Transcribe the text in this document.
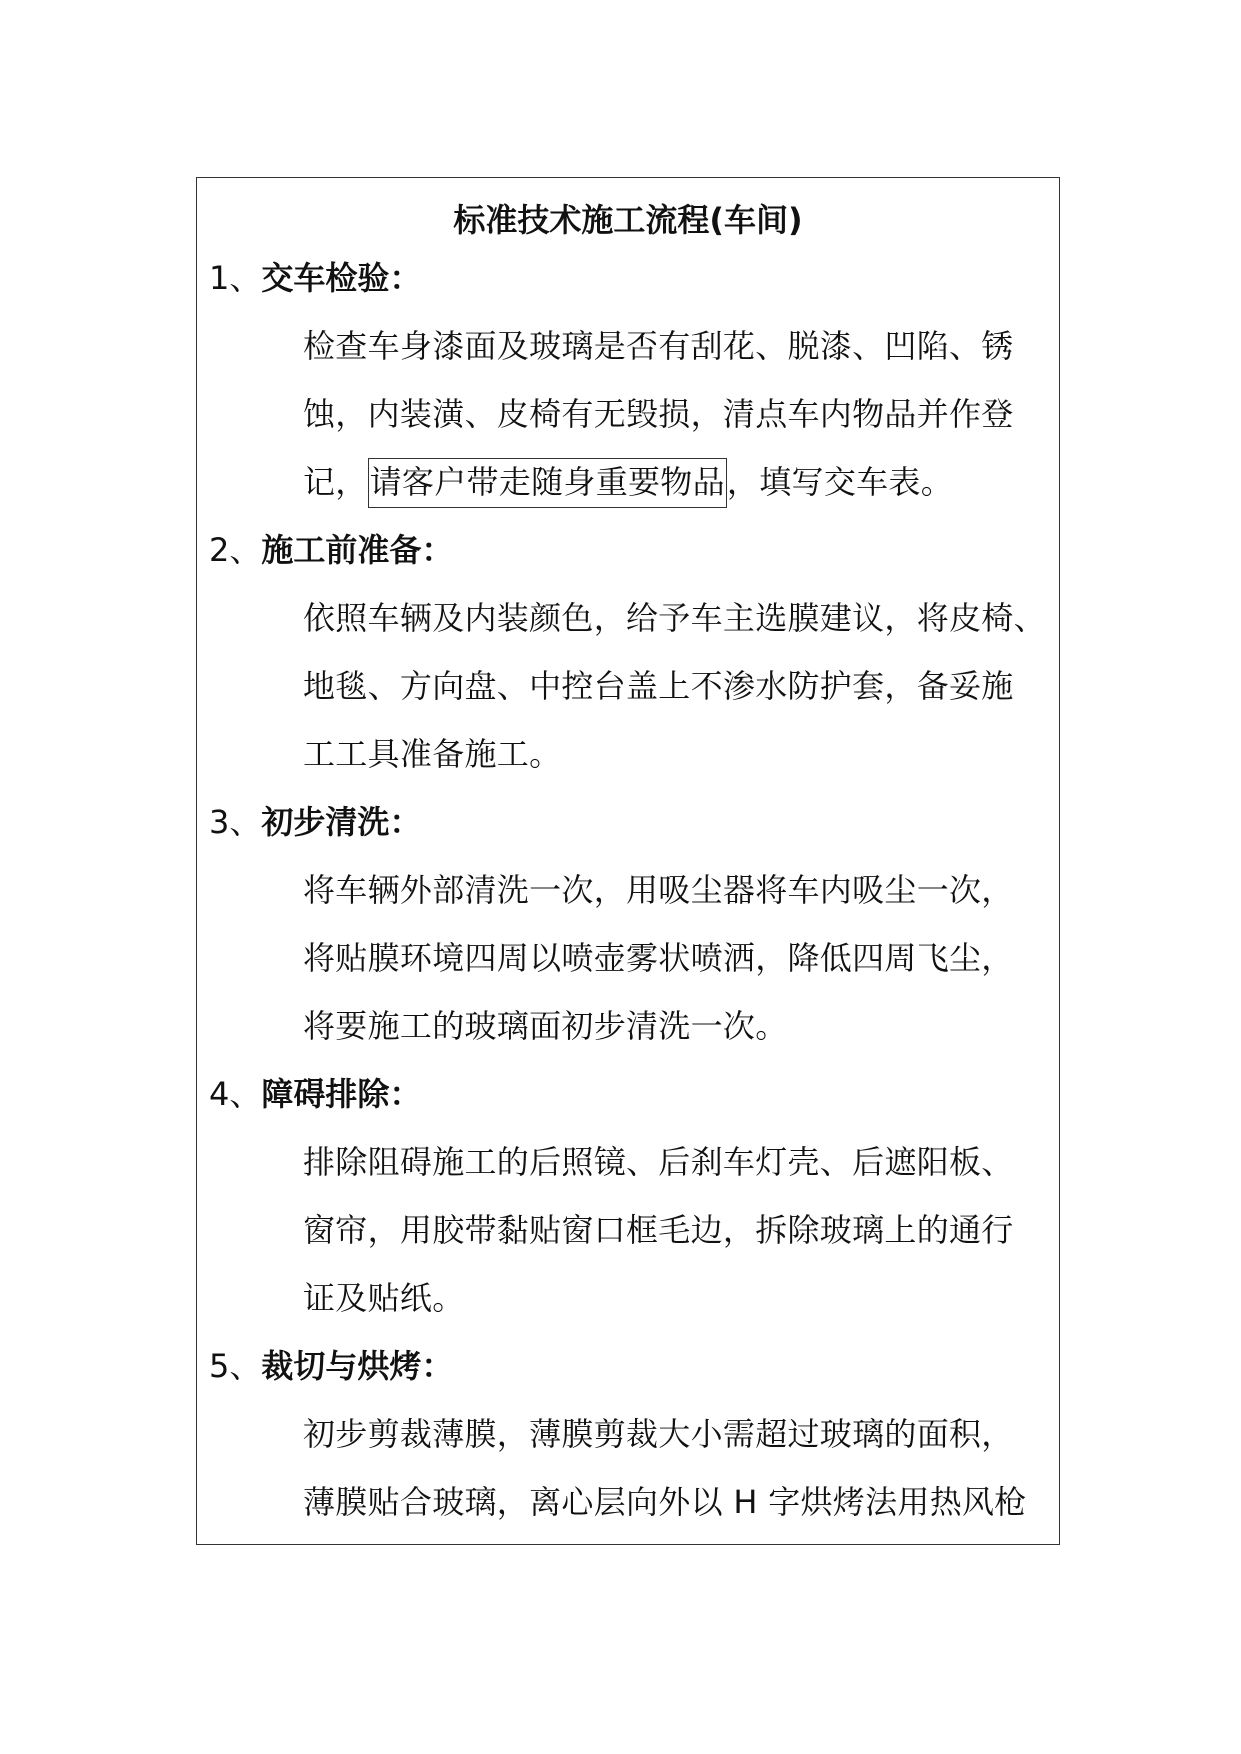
标准技术施工流程(车间)
1、交车检验：
检查车身漆面及玻璃是否有刮花、脱漆、凹陷、锈
蚀，内装潢、皮椅有无毁损，清点车内物品并作登
记，请客户带走随身重要物品，填写交车表。
2、施工前准备：
依照车辆及内装颜色，给予车主选膜建议，将皮椅、
地毯、方向盘、中控台盖上不渗水防护套，备妥施
工工具准备施工。
3、初步清洗：
将车辆外部清洗一次，用吸尘器将车内吸尘一次，
将贴膜环境四周以喷壶雾状喷洒，降低四周飞尘，
将要施工的玻璃面初步清洗一次。
4、障碍排除：
排除阻碍施工的后照镜、后刹车灯壳、后遮阳板、
窗帘，用胶带黏贴窗口框毛边，拆除玻璃上的通行
证及贴纸。
5、裁切与烘烤：
初步剪裁薄膜，薄膜剪裁大小需超过玻璃的面积，
薄膜贴合玻璃，离心层向外以 H 字烘烤法用热风枪
